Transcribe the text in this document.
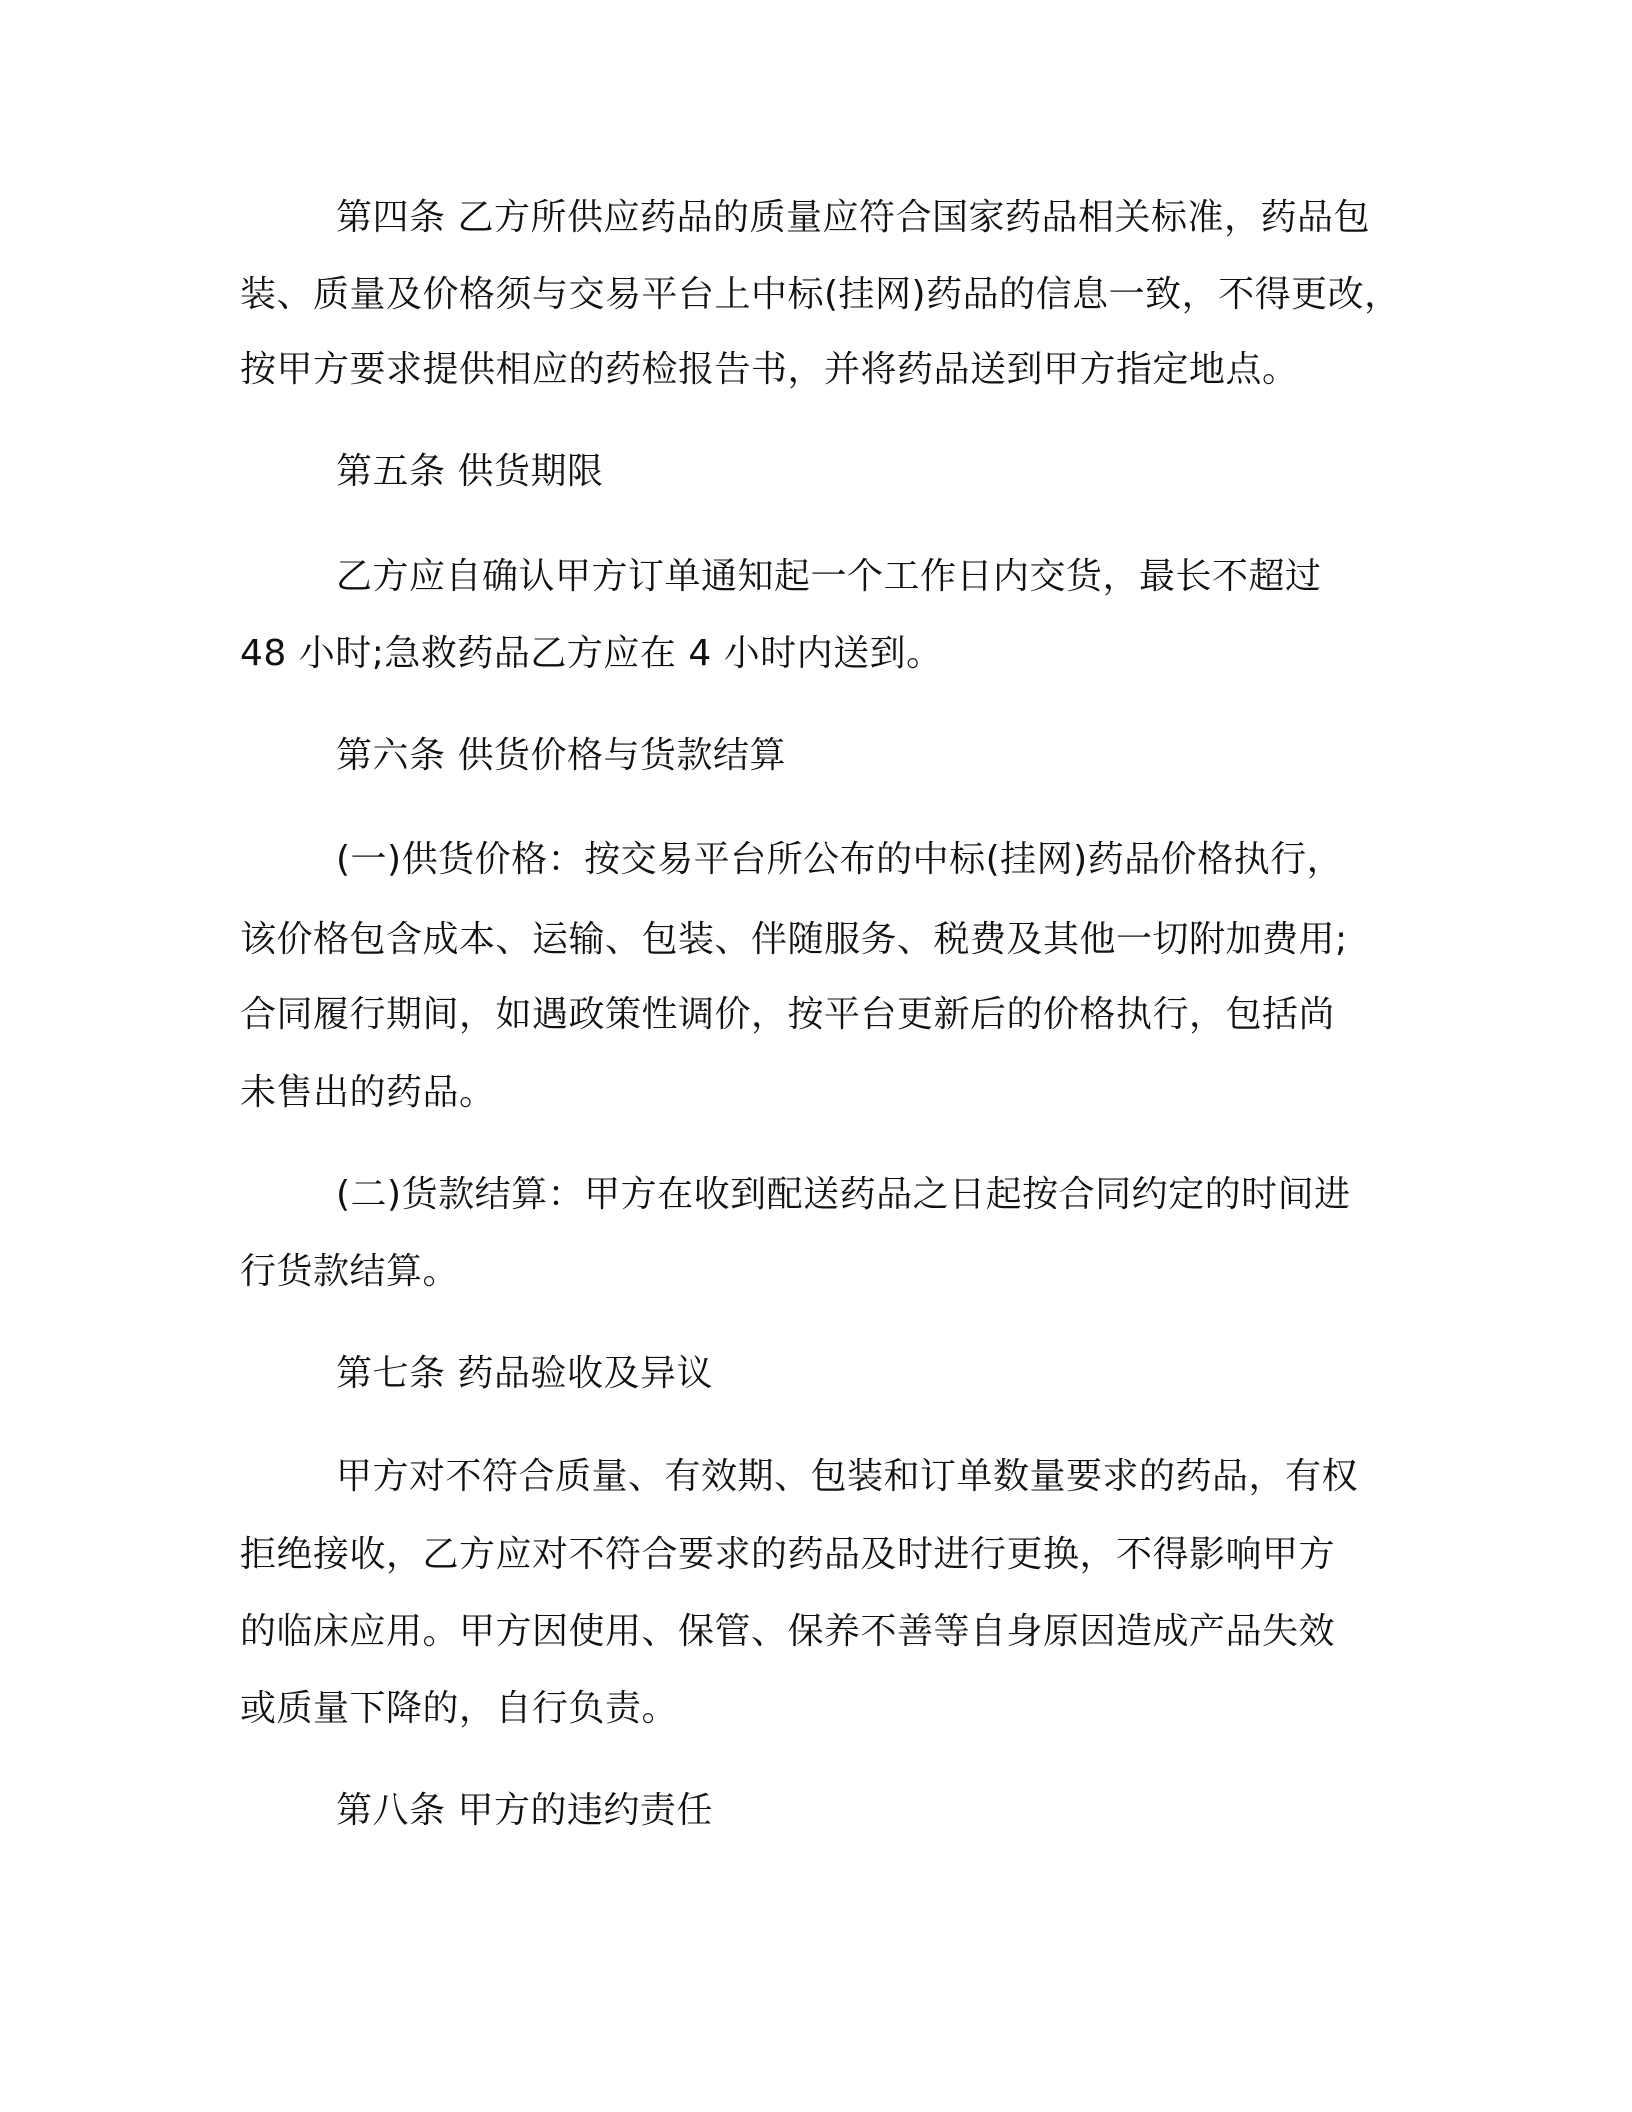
第四条 乙方所供应药品的质量应符合国家药品相关标准，药品包

装、质量及价格须与交易平台上中标(挂网)药品的信息一致，不得更改，

按甲方要求提供相应的药检报告书，并将药品送到甲方指定地点。

第五条 供货期限

乙方应自确认甲方订单通知起一个工作日内交货，最长不超过

48 小时;急救药品乙方应在 4 小时内送到。

第六条 供货价格与货款结算

(一)供货价格：按交易平台所公布的中标(挂网)药品价格执行，

该价格包含成本、运输、包装、伴随服务、税费及其他一切附加费用;

合同履行期间，如遇政策性调价，按平台更新后的价格执行，包括尚

未售出的药品。

(二)货款结算：甲方在收到配送药品之日起按合同约定的时间进

行货款结算。

第七条 药品验收及异议

甲方对不符合质量、有效期、包装和订单数量要求的药品，有权

拒绝接收，乙方应对不符合要求的药品及时进行更换，不得影响甲方

的临床应用。甲方因使用、保管、保养不善等自身原因造成产品失效

或质量下降的，自行负责。

第八条 甲方的违约责任
